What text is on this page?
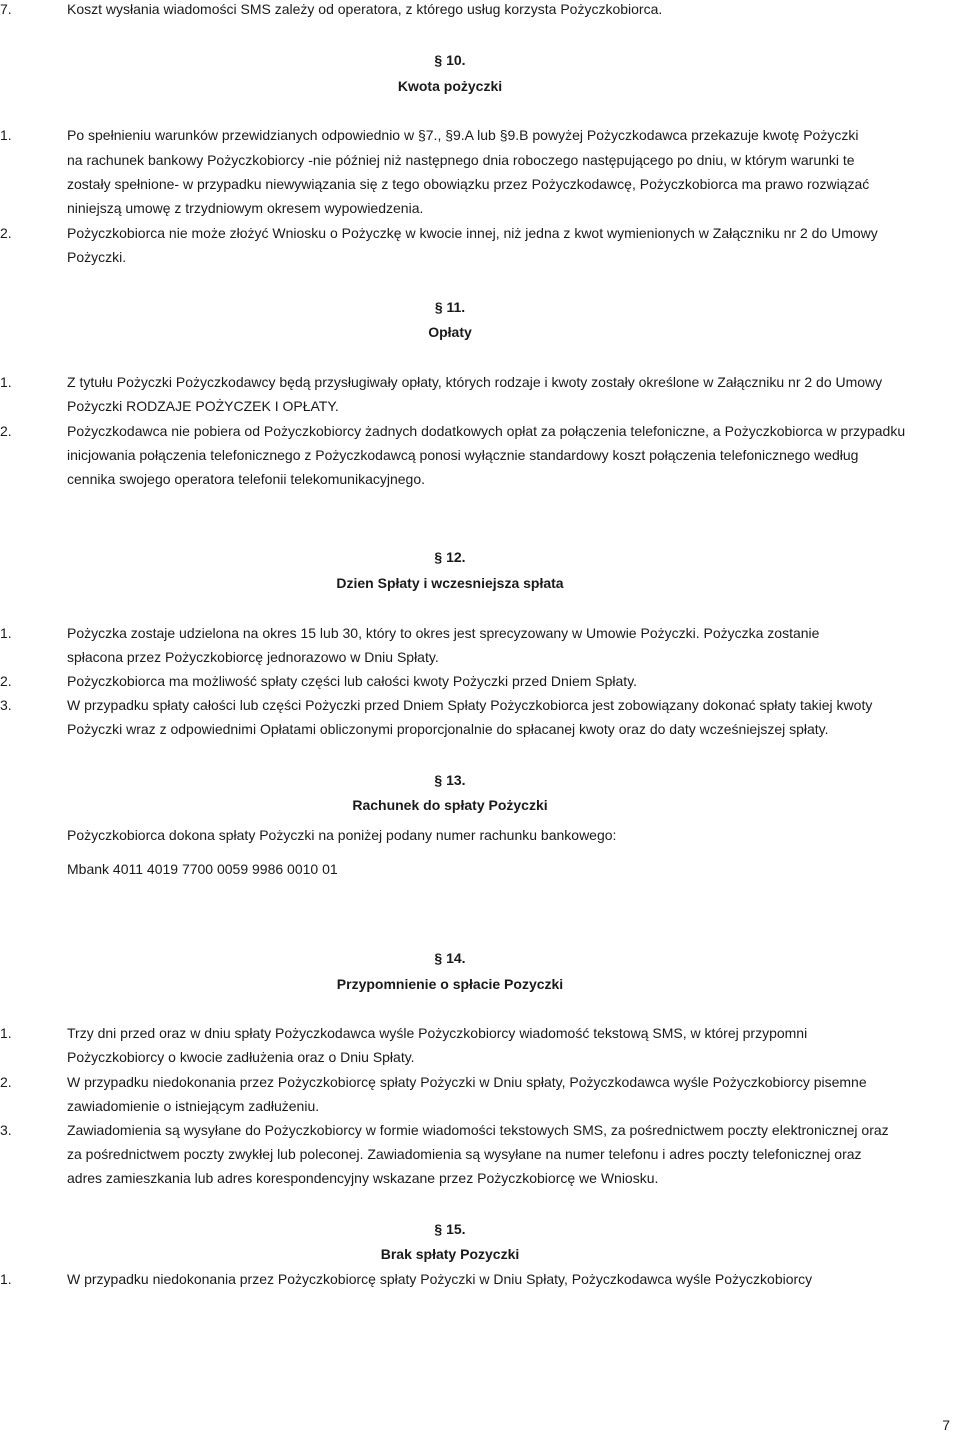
7.	Koszt wysłania wiadomości SMS zależy od operatora, z którego usług korzysta Pożyczkobiorca.
§ 10.
Kwota pożyczki
1.	Po spełnieniu warunków przewidzianych odpowiednio w §7., §9.A lub §9.B powyżej Pożyczkodawca przekazuje kwotę Pożyczki
na rachunek bankowy Pożyczkobiorcy -nie później niż następnego dnia roboczego następującego po dniu, w którym warunki te
zostały spełnione- w przypadku niewywiązania się z tego obowiązku przez Pożyczkodawcę, Pożyczkobiorca ma prawo rozwiązać
niniejszą umowę z trzydniowym okresem wypowiedzenia.
2.	Pożyczkobiorca nie może złożyć Wniosku o Pożyczkę w kwocie innej, niż jedna z kwot wymienionych w Załączniku nr 2 do Umowy
Pożyczki.
§ 11.
Opłaty
1.	Z tytułu Pożyczki Pożyczkodawcy będą przysługiwały opłaty, których rodzaje i kwoty zostały określone w Załączniku nr 2 do Umowy
Pożyczki RODZAJE POŻYCZEK I OPŁATY.
2.	Pożyczkodawca nie pobiera od Pożyczkobiorcy żadnych dodatkowych opłat za połączenia telefoniczne, a Pożyczkobiorca w przypadku
inicjowania połączenia telefonicznego z Pożyczkodawcą ponosi wyłącznie standardowy koszt połączenia telefonicznego według
cennika swojego operatora telefonii telekomunikacyjnego.
§ 12.
Dzien Spłaty i wczesniejsza spłata
1.	Pożyczka zostaje udzielona na okres 15 lub 30, który to okres jest sprecyzowany w Umowie Pożyczki. Pożyczka zostanie
spłacona przez Pożyczkobiorcę jednorazowo w Dniu Spłaty.
2.	Pożyczkobiorca ma możliwość spłaty części lub całości kwoty Pożyczki przed Dniem Spłaty.
3.	W przypadku spłaty całości lub części Pożyczki przed Dniem Spłaty Pożyczkobiorca jest zobowiązany dokonać spłaty takiej kwoty
Pożyczki wraz z odpowiednimi Opłatami obliczonymi proporcjonalnie do spłacanej kwoty oraz do daty wcześniejszej spłaty.
§ 13.
Rachunek do spłaty Pożyczki
Pożyczkobiorca dokona spłaty Pożyczki na poniżej podany numer rachunku bankowego:
Mbank 4011 4019 7700 0059 9986 0010 01
§ 14.
Przypomnienie o spłacie Pozyczki
1.	Trzy dni przed oraz w dniu spłaty Pożyczkodawca wyśle Pożyczkobiorcy wiadomość tekstową SMS, w której przypomni
Pożyczkobiorcy o kwocie zadłużenia oraz o Dniu Spłaty.
2.	W przypadku niedokonania przez Pożyczkobiorcę spłaty Pożyczki w Dniu spłaty, Pożyczkodawca wyśle Pożyczkobiorcy pisemne
zawiadomienie o istniejącym zadłużeniu.
3.	Zawiadomienia są wysyłane do Pożyczkobiorcy w formie wiadomości tekstowych SMS, za pośrednictwem poczty elektronicznej oraz
za pośrednictwem poczty zwykłej lub poleconej. Zawiadomienia są wysyłane na numer telefonu i adres poczty telefonicznej oraz
adres zamieszkania lub adres korespondencyjny wskazane przez Pożyczkobiorcę we Wniosku.
§ 15.
Brak spłaty Pozyczki
1.	W przypadku niedokonania przez Pożyczkobiorcę spłaty Pożyczki w Dniu Spłaty, Pożyczkodawca wyśle Pożyczkobiorcy
7
